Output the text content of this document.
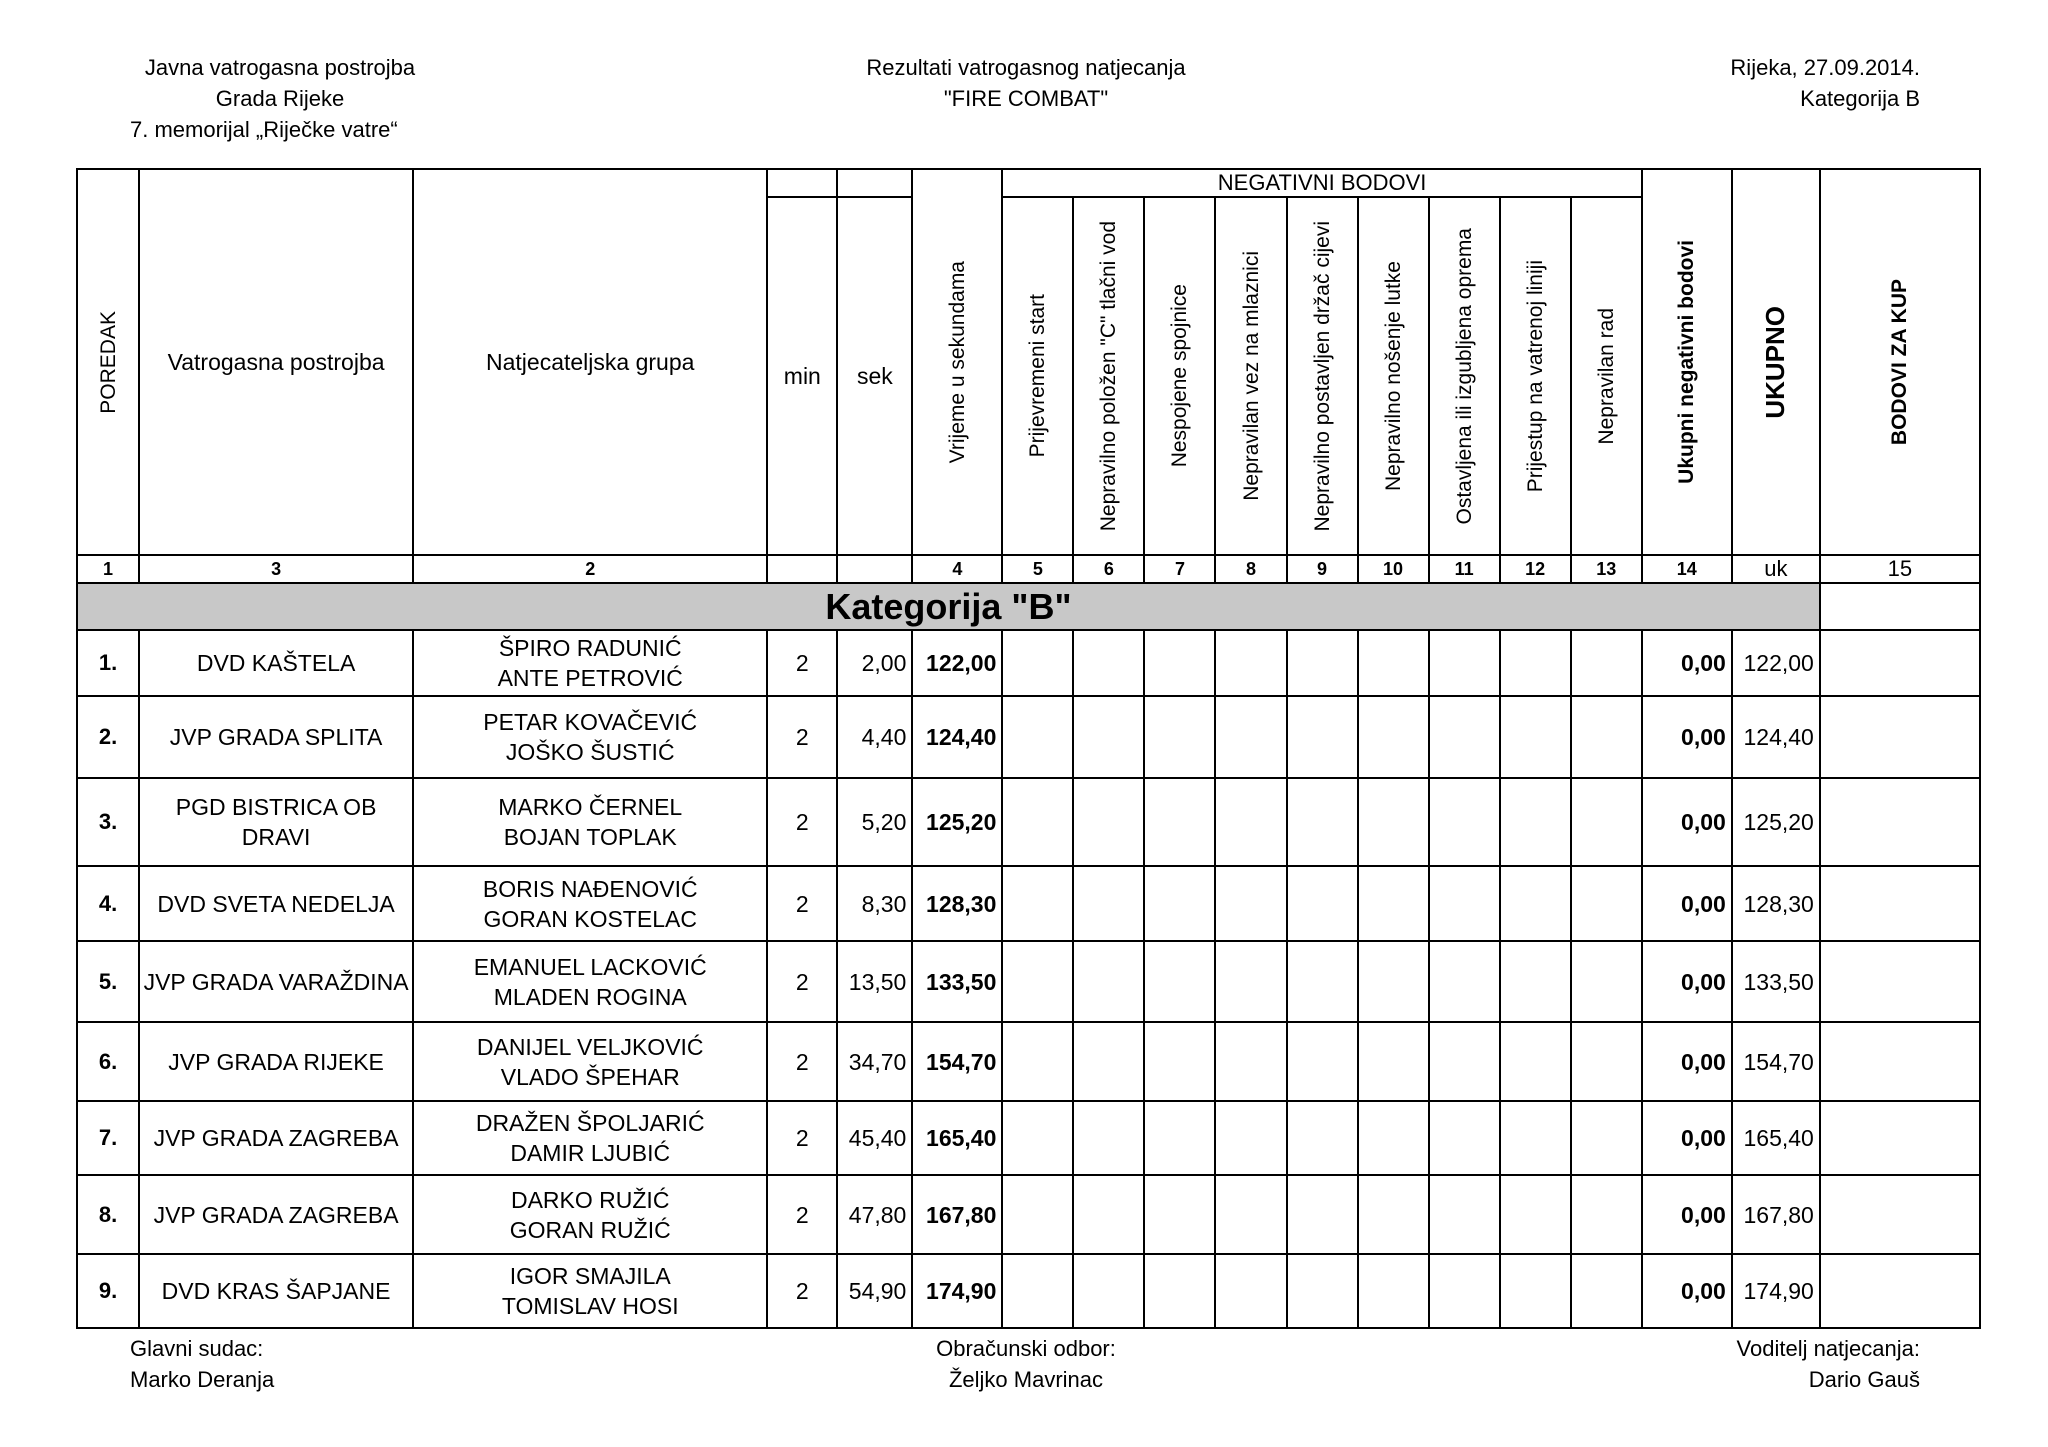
Javna vatrogasna postrojba
Grada Rijeke
7. memorijal „Riječke vatre“
Rezultati vatrogasnog natjecanja
"FIRE COMBAT"
Rijeka, 27.09.2014.
Kategorija B
POREDAK	Vatrogasna postrojba	Natjecateljska grupa			Vrijeme u sekundama	NEGATIVNI BODOVI									Ukupni negativni bodovi	UKUPNO	BODOVI ZA KUP

			min	sek		Prijevremeni start	Nepravilno položen "C" tlačni vod	Nespojene spojnice	Nepravilan vez na mlaznici	Nepravilno postavljen držač cijevi	Nepravilno nošenje lutke	Ostavljena ili izgubljena oprema	Prijestup na vatrenoj liniji	Nepravilan rad			

1	3	2			4	5	6	7	8	9	10	11	12	13	14	uk	15
Kategorija "B"																	
1.	DVD KAŠTELA	ŠPIRO RADUNIĆ
ANTE PETROVIĆ	2	2,00	122,00										0,00	122,00	
2.	JVP GRADA SPLITA	PETAR KOVAČEVIĆ
JOŠKO ŠUSTIĆ	2	4,40	124,40										0,00	124,40	
3.	PGD BISTRICA OB DRAVI	MARKO ČERNEL
BOJAN TOPLAK	2	5,20	125,20										0,00	125,20	
4.	DVD SVETA NEDELJA	BORIS NAĐENOVIĆ
GORAN KOSTELAC	2	8,30	128,30										0,00	128,30	
5.	JVP GRADA VARAŽDINA	EMANUEL LACKOVIĆ
MLADEN ROGINA	2	13,50	133,50										0,00	133,50	
6.	JVP GRADA RIJEKE	DANIJEL VELJKOVIĆ
VLADO ŠPEHAR	2	34,70	154,70										0,00	154,70	
7.	JVP GRADA ZAGREBA	DRAŽEN ŠPOLJARIĆ
DAMIR LJUBIĆ	2	45,40	165,40										0,00	165,40	
8.	JVP GRADA ZAGREBA	DARKO RUŽIĆ
GORAN RUŽIĆ	2	47,80	167,80										0,00	167,80	
9.	DVD KRAS ŠAPJANE	IGOR SMAJILA
TOMISLAV HOSI	2	54,90	174,90										0,00	174,90	
Glavni sudac:
Marko Deranja
Obračunski odbor:
Željko Mavrinac
Voditelj natjecanja:
Dario Gauš
